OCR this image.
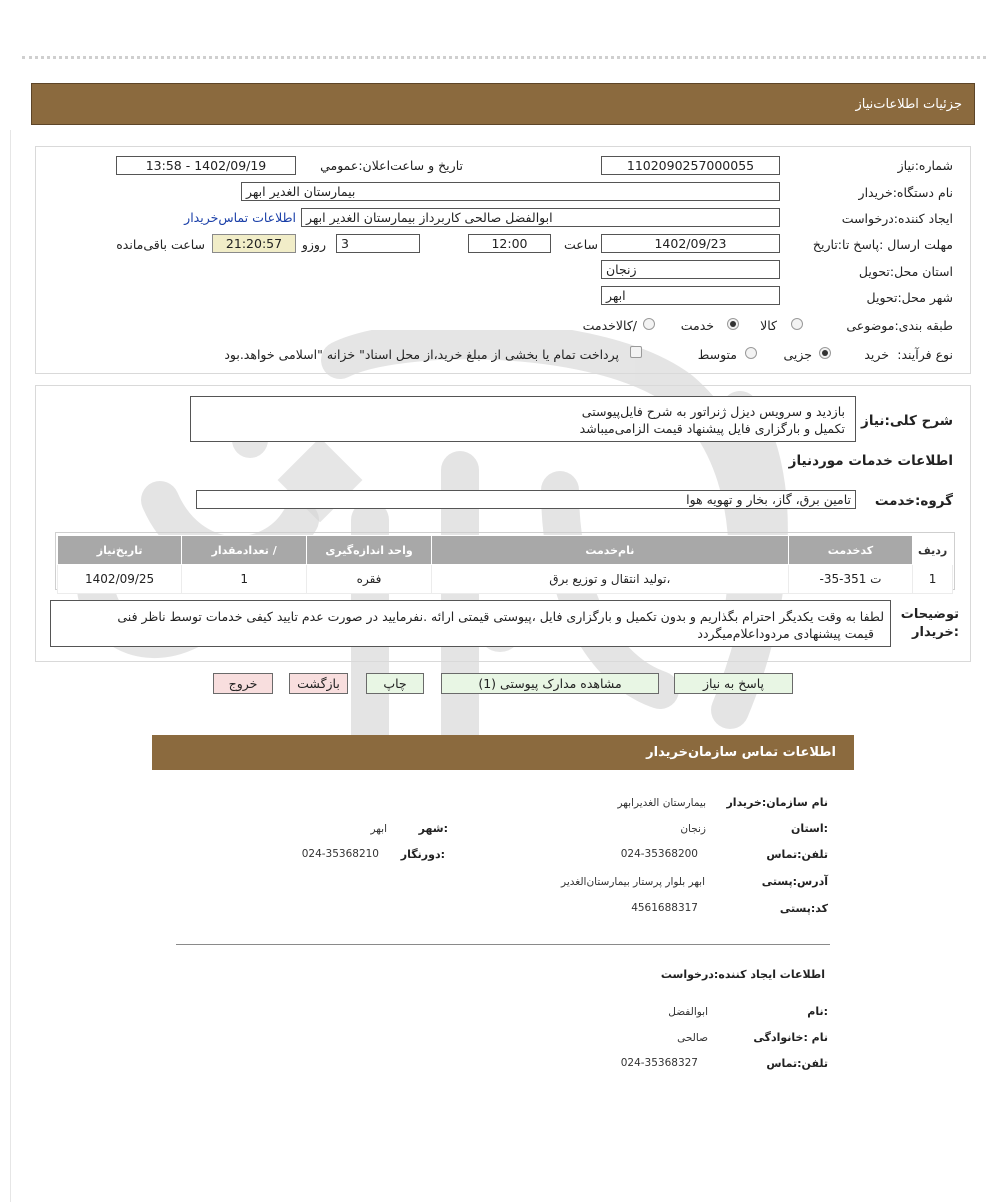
جزئیات اطلاعات‌نیاز
شماره:نیاز
1102090257000055
تاریخ و ساعت‌اعلان:عمومي
1402/09/19 - 13:58
نام دستگاه:خریدار
بیمارستان الغدیر ابهر
ایجاد کننده:درخواست
ابوالفضل صالحی کاربرداز بیمارستان الغدیر ابهر
اطلاعات تماس‌خریدار
مهلت ارسال :پاسخ تا:تاریخ
1402/09/23
ساعت
12:00
3
روزو
21:20:57
ساعت باقی‌مانده
استان محل:تحویل
زنجان
شهر محل:تحویل
ابهر
طبقه بندی:موضوعی
کالا
خدمت
/کالاخدمت
نوع فرآیند:
خرید
جزیی
متوسط
پرداخت تمام یا بخشی از مبلغ خرید،از محل اسناد" خزانه "اسلامی خواهد.بود
شرح کلی:نیاز
بازدید و سرویس دیزل ژنراتور به شرح فایل‌پیوستی
تکمیل و بارگزاری فایل پیشنهاد قیمت الزامی‌میباشد
اطلاعات خدمات موردنیاز
گروه:خدمت
تامین برق، گاز، بخار و تهویه هوا
تاریخ‌نیاز	/ تعدادمقدار	واحد اندازه‌گیری	نام‌خدمت	کدخدمت	ردیف
1402/09/25	1	فقره	،تولید انتقال و توزیع برق	ت 351-35-	1
توضیحات :خریدار
لطفا به وقت یکدیگر احترام بگذاریم و بدون تکمیل و بارگزاری فایل ،پیوستی قیمتی ارائه .نفرمایید در صورت عدم تایید کیفی خدمات توسط ناظر فنی
قیمت پیشنهادی مردوداعلام‌میگردد
پاسخ به نیاز
مشاهده مدارک پیوستی (1)
چاپ
بازگشت
خروج
اطلاعات تماس سازمان‌خریدار
نام سازمان:خریدار
بیمارستان الغدیرابهر
:استان
زنجان
:شهر
ابهر
تلفن:تماس
024-35368200
:دورنگار
024-35368210
آدرس:پستی
ابهر بلوار پرستار بیمارستان‌الغدیر
کد:پستی
4561688317
اطلاعات ایجاد کننده:درخواست
:نام
ابوالفضل
نام :خانوادگی
صالحی
تلفن:تماس
024-35368327
